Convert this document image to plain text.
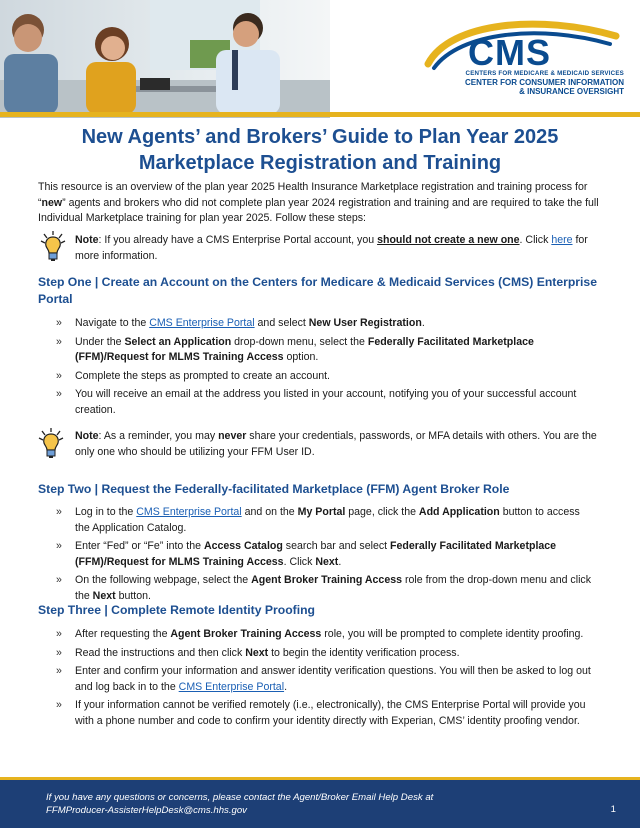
CMS
CENTERS FOR MEDICARE & MEDICAID SERVICES
CENTER FOR CONSUMER INFORMATION
& INSURANCE OVERSIGHT
New Agents’ and Brokers’ Guide to Plan Year 2025
Marketplace Registration and Training

This resource is an overview of the plan year 2025 Health Insurance Marketplace registration and training process for “new” agents and brokers who did not complete plan year 2024 registration and training and are required to take the full Individual Marketplace training for plan year 2025. Follow these steps:

Note: If you already have a CMS Enterprise Portal account, you should not create a new one. Click here for more information.

Step One | Create an Account on the Centers for Medicare & Medicaid Services (CMS) Enterprise Portal
» Navigate to the CMS Enterprise Portal and select New User Registration.
» Under the Select an Application drop-down menu, select the Federally Facilitated Marketplace (FFM)/Request for MLMS Training Access option.
» Complete the steps as prompted to create an account.
» You will receive an email at the address you listed in your account, notifying you of your successful account creation.

Note: As a reminder, you may never share your credentials, passwords, or MFA details with others. You are the only one who should be utilizing your FFM User ID.

Step Two | Request the Federally-facilitated Marketplace (FFM) Agent Broker Role
» Log in to the CMS Enterprise Portal and on the My Portal page, click the Add Application button to access the Application Catalog.
» Enter “Fed” or “Fe” into the Access Catalog search bar and select Federally Facilitated Marketplace (FFM)/Request for MLMS Training Access. Click Next.
» On the following webpage, select the Agent Broker Training Access role from the drop-down menu and click the Next button.
Step Three | Complete Remote Identity Proofing
» After requesting the Agent Broker Training Access role, you will be prompted to complete identity proofing.
» Read the instructions and then click Next to begin the identity verification process.
» Enter and confirm your information and answer identity verification questions. You will then be asked to log out and log back in to the CMS Enterprise Portal.
» If your information cannot be verified remotely (i.e., electronically), the CMS Enterprise Portal will provide you with a phone number and code to confirm your identity directly with Experian, CMS’ identity proofing vendor.
If you have any questions or concerns, please contact the Agent/Broker Email Help Desk at
FFMProducer-AssisterHelpDesk@cms.hhs.gov	1
